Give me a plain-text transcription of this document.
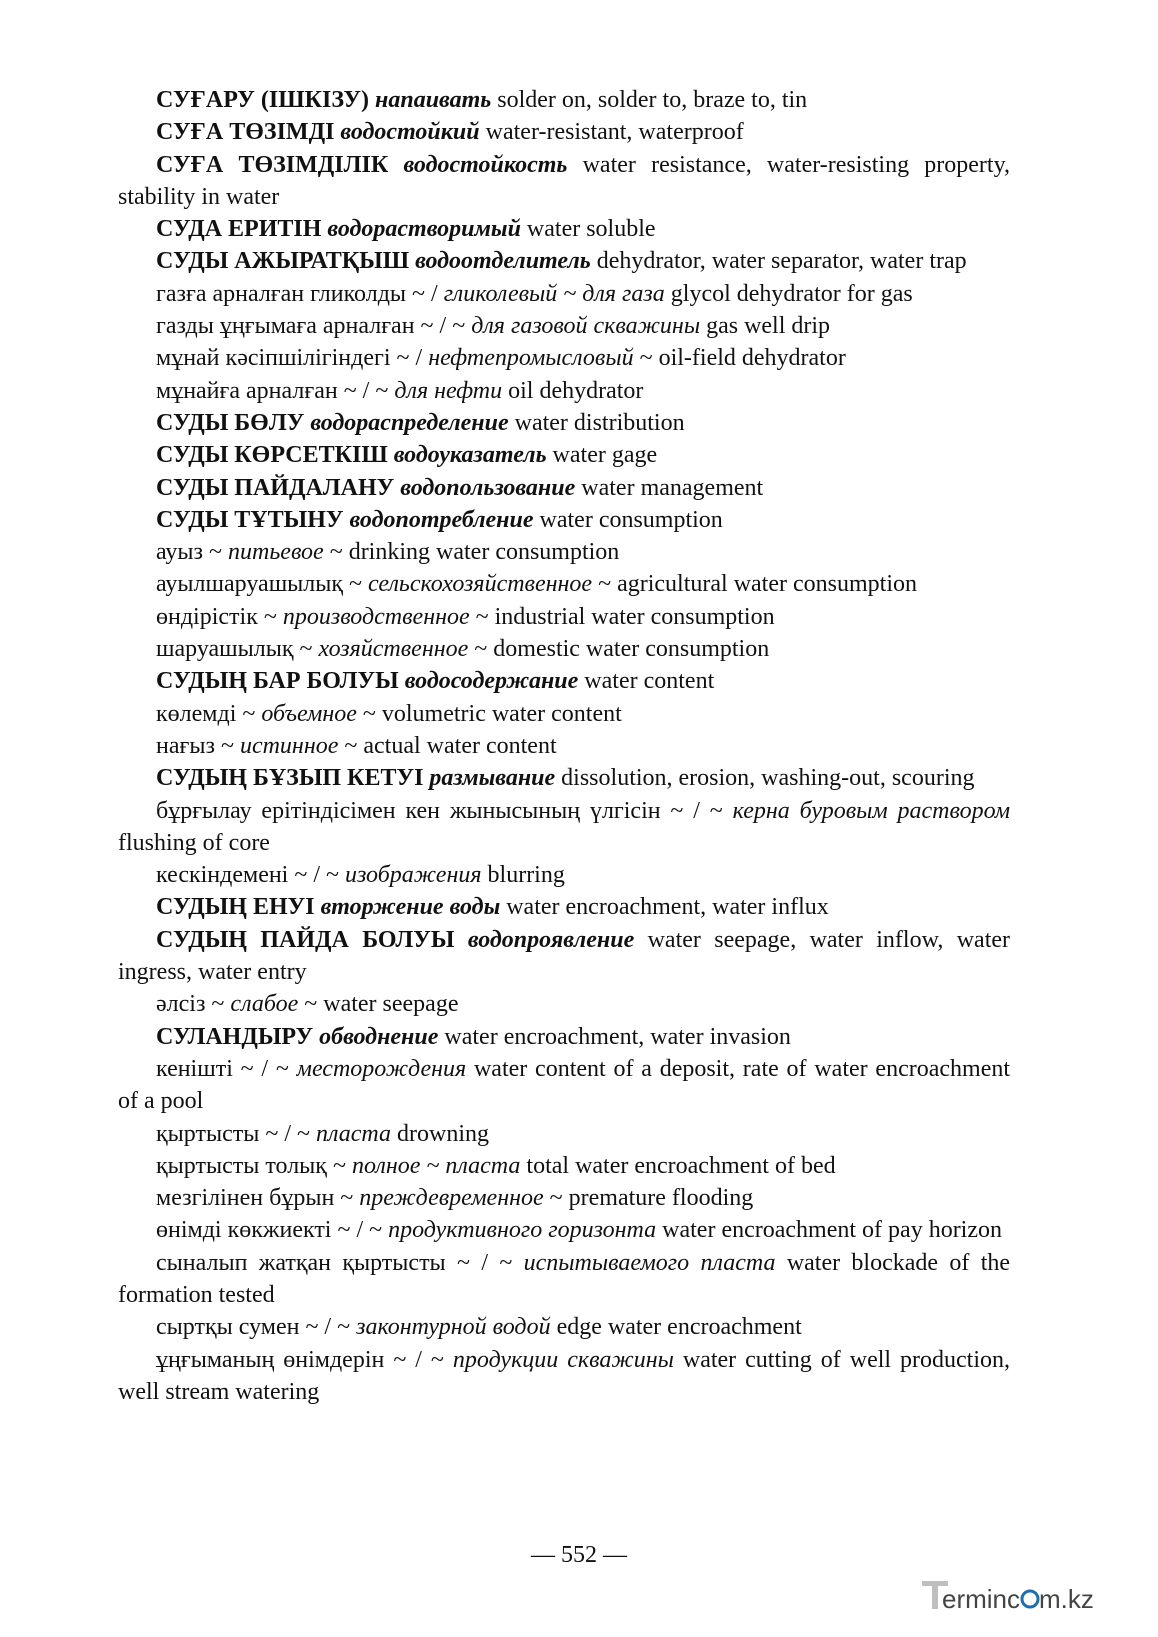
СУҒАРУ (ІШКІЗУ) напаивать solder on, solder to, braze to, tin

СУҒА ТӨЗІМДІ водостойкий water-resistant, waterproof

СУҒА ТӨЗІМДІЛІК водостойкость water resistance, water-resisting property, stability in water

СУДА ЕРИТІН водорастворимый water soluble

СУДЫ АЖЫРАТҚЫШ водоотделитель dehydrator, water separator, water trap

газға арналған гликолды ~ / гликолевый ~ для газа glycol dehydrator for gas

газды ұңғымаға арналған ~ / ~ для газовой скважины gas well drip

мұнай кәсіпшілігіндегі ~ / нефтепромысловый ~ oil-field dehydrator

мұнайға арналған ~ / ~ для нефти oil dehydrator

СУДЫ БӨЛУ водораспределение water distribution

СУДЫ КӨРСЕТКІШ водоуказатель water gage

СУДЫ ПАЙДАЛАНУ водопользование water management

СУДЫ ТҰТЫНУ водопотребление water consumption

ауыз ~ питьевое ~ drinking water consumption

ауылшаруашылық ~ сельскохозяйственное ~ agricultural water consumption

өндірістік ~ производственное ~ industrial water consumption

шаруашылық ~ хозяйственное ~ domestic water consumption

СУДЫҢ БАР БОЛУЫ водосодержание water content

көлемді ~ объемное ~ volumetric water content

нағыз ~ истинное ~ actual water content

СУДЫҢ БҰЗЫП КЕТУІ размывание dissolution, erosion, washing-out, scouring

бұрғылау ерітіндісімен кен жынысының үлгісін ~ / ~ керна буровым раствором flushing of core

кескіндемені ~ / ~ изображения blurring

СУДЫҢ ЕНУІ вторжение воды water encroachment, water influx

СУДЫҢ ПАЙДА БОЛУЫ водопроявление water seepage, water inflow, water ingress, water entry

әлсіз ~ слабое ~ water seepage

СУЛАНДЫРУ обводнение water encroachment, water invasion

кеніштi ~ / ~ месторождения water content of a deposit, rate of water encroachment of a pool

қыртысты ~ / ~ пласта drowning

қыртысты толық ~ полное ~ пласта total water encroachment of bed

мезгілінен бұрын ~ преждевременное ~ premature flooding

өнімді көкжиекті ~ / ~ продуктивного горизонта water encroachment of pay horizon

сыналып жатқан қыртысты ~ / ~ испытываемого пласта water blockade of the formation tested

сыртқы сумен ~ / ~ законтурной водой edge water encroachment

ұңғыманың өнімдерін ~ / ~ продукции скважины water cutting of well production, well stream watering

— 552 —
erminc m.kz
